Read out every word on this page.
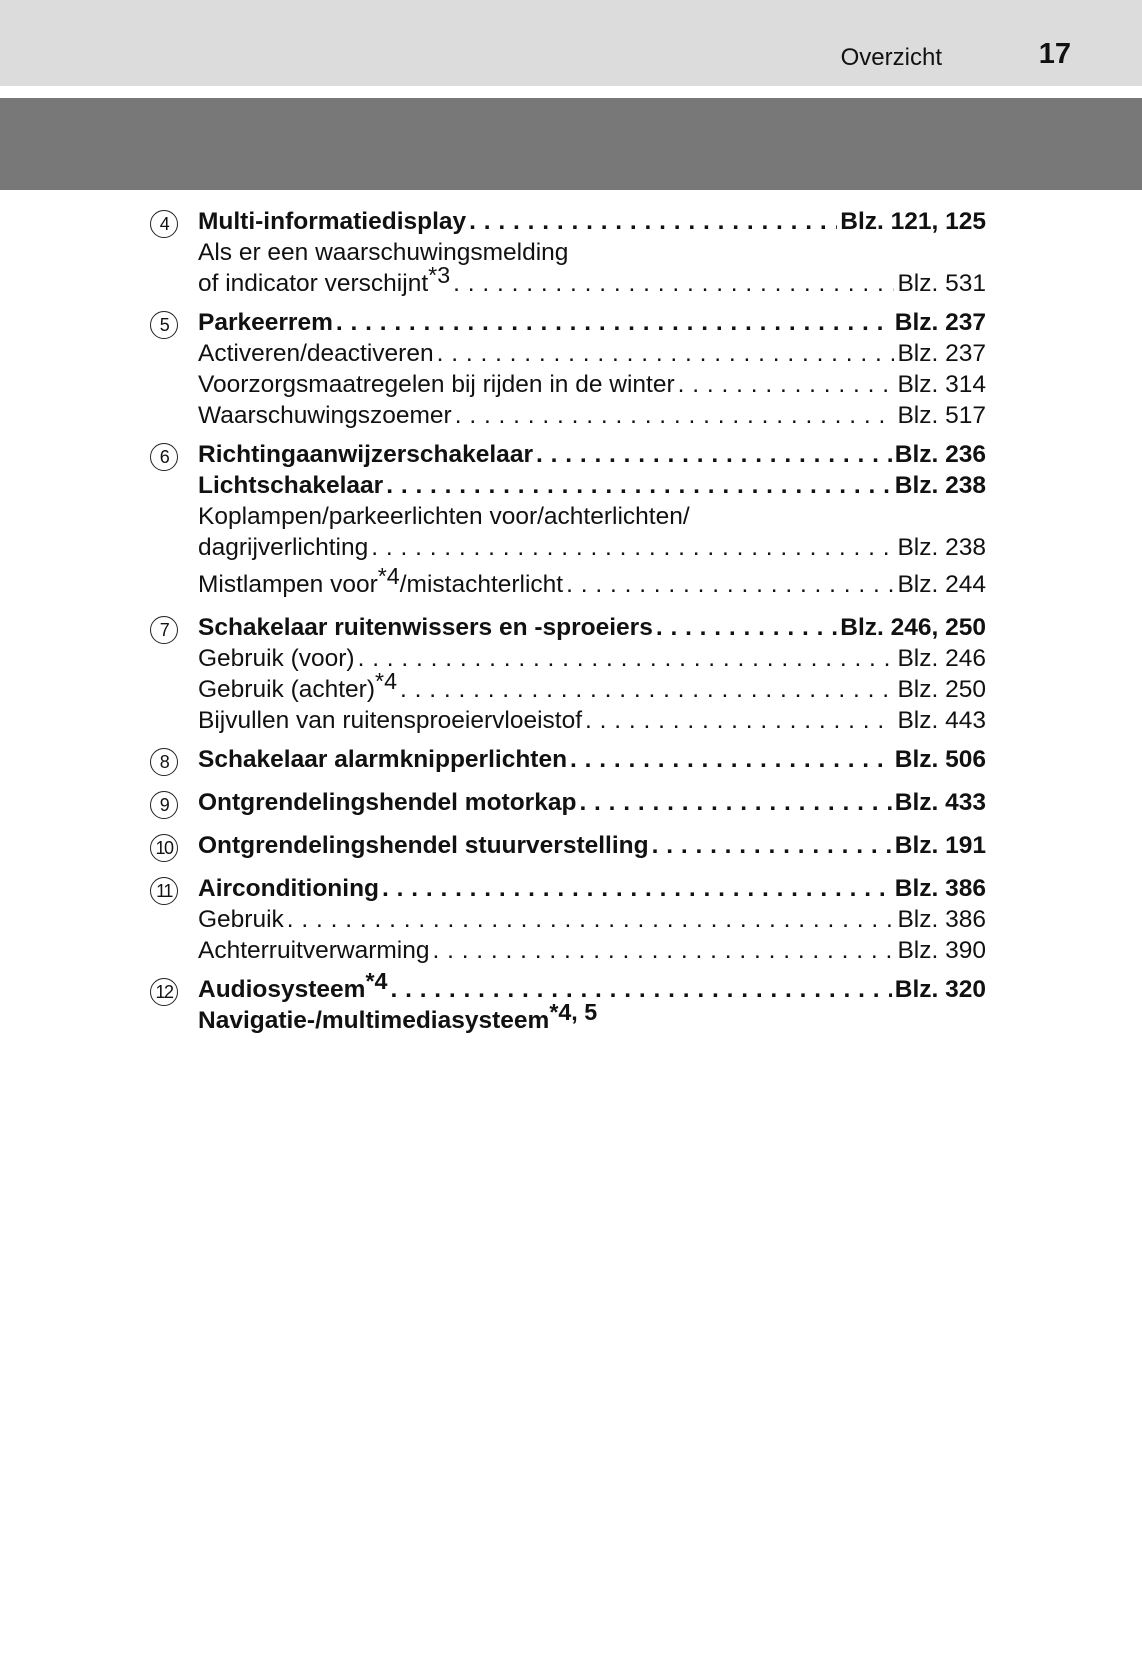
Overzicht	17
4	Multi-informatiedisplay . . .	Blz. 121, 125
Als er een waarschuwingsmelding
of indicator verschijnt$^{*3}$ . . .	Blz. 531
5	Parkeerrem . . .	Blz. 237
Activeren/deactiveren . . .	Blz. 237
Voorzorgsmaatregelen bij rijden in de winter . . .	Blz. 314
Waarschuwingszoemer . . .	Blz. 517
6	Richtingaanwijzerschakelaar . . .	Blz. 236
Lichtschakelaar . . .	Blz. 238
Koplampen/parkeerlichten voor/achterlichten/
dagrijverlichting . . .	Blz. 238
Mistlampen voor$^{*4}$/mistachterlicht . . .	Blz. 244
7	Schakelaar ruitenwissers en -sproeiers . . .	Blz. 246, 250
Gebruik (voor) . . .	Blz. 246
Gebruik (achter)$^{*4}$ . . .	Blz. 250
Bijvullen van ruitensproeiervloeistof . . .	Blz. 443
8	Schakelaar alarmknipperlichten . . .	Blz. 506
9	Ontgrendelingshendel motorkap . . .	Blz. 433
10 Ontgrendelingshendel stuurverstelling . . .	Blz. 191
11 Airconditioning . . .	Blz. 386
Gebruik . . .	Blz. 386
Achterruitverwarming . . .	Blz. 390
12 Audiosysteem$^{*4}$ . . .	Blz. 320
Navigatie-/multimediasysteem$^{*4, 5}$
